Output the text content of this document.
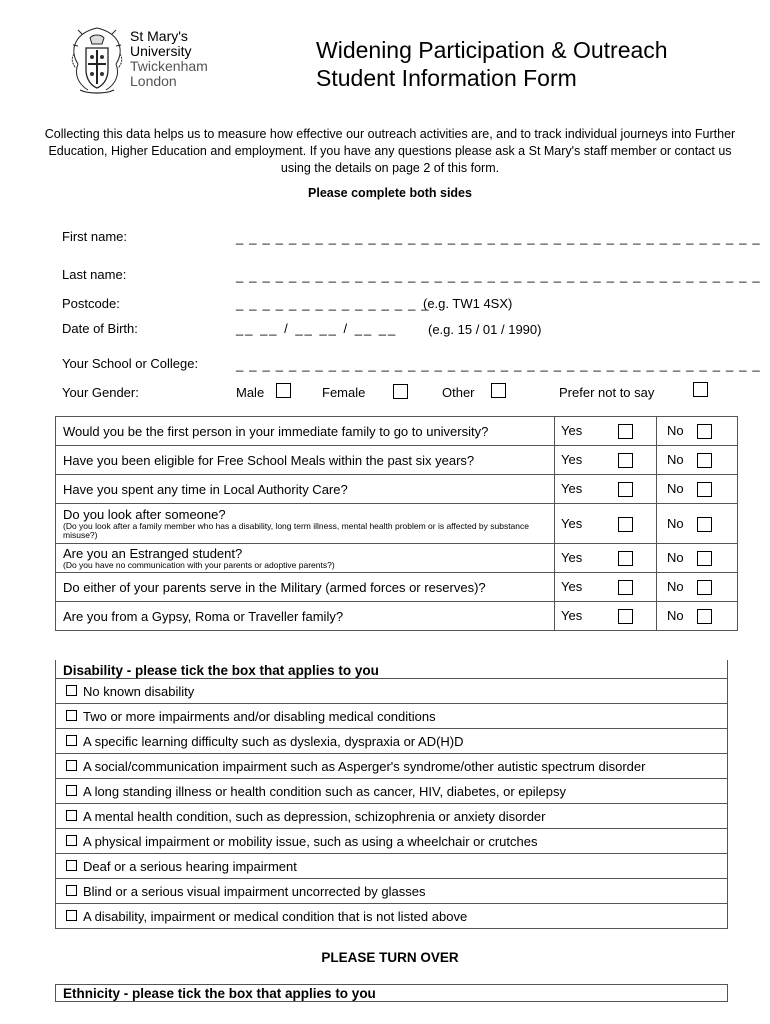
St Mary's
University
Twickenham
London
Widening Participation & Outreach
Student Information Form
Collecting this data helps us to measure how effective our outreach activities are, and to track individual journeys into Further Education, Higher Education and employment. If you have any questions please ask a St Mary's staff member or contact us using the details on page 2 of this form.
Please complete both sides
First name:	_ _ _ _ _ _ _ _ _ _ _ _ _ _ _ _ _ _ _ _ _ _ _ _ _ _ _ _ _ _ _ _ _ _ _ _ _ _ _ _
Last name:	_ _ _ _ _ _ _ _ _ _ _ _ _ _ _ _ _ _ _ _ _ _ _ _ _ _ _ _ _ _ _ _ _ _ _ _ _ _ _ _
Postcode:	_ _ _ _ _ _ _ _ _ _ _ _ _ _ _
(e.g. TW1 4SX)
Date of Birth:	__ __ / __ __ / __ __ (e.g. 15 / 01 / 1990)
Your School or College:	_ _ _ _ _ _ _ _ _ _ _ _ _ _ _ _ _ _ _ _ _ _ _ _ _ _ _ _ _ _ _ _ _ _ _ _ _ _ _ _
Your Gender:	Male	Female	Other	Prefer not to say
Would you be the first person in your immediate family to go to university?	Yes	No

Have you been eligible for Free School Meals within the past six years?	Yes	No

Have you spent any time in Local Authority Care?	Yes	No

Do you look after someone?
(Do you look after a family member who has a disability, long term illness, mental health problem or is affected by substance misuse?)	Yes	No

Are you an Estranged student?
(Do you have no communication with your parents or adoptive parents?)	Yes	No

Do either of your parents serve in the Military (armed forces or reserves)?	Yes	No

Are you from a Gypsy, Roma or Traveller family?	Yes	No
Disability - please tick the box that applies to you
No known disability
Two or more impairments and/or disabling medical conditions
A specific learning difficulty such as dyslexia, dyspraxia or AD(H)D
A social/communication impairment such as Asperger's syndrome/other autistic spectrum disorder
A long standing illness or health condition such as cancer, HIV, diabetes, or epilepsy
A mental health condition, such as depression, schizophrenia or anxiety disorder
A physical impairment or mobility issue, such as using a wheelchair or crutches
Deaf or a serious hearing impairment
Blind or a serious visual impairment uncorrected by glasses
A disability, impairment or medical condition that is not listed above
PLEASE TURN OVER
Ethnicity - please tick the box that applies to you
